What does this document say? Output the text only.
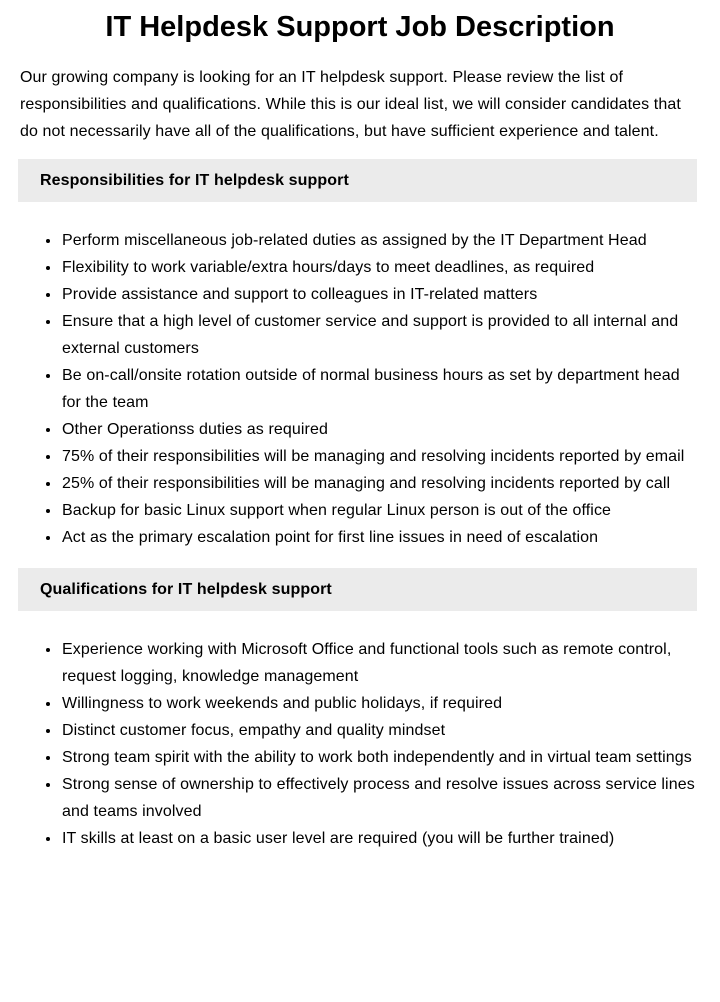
IT Helpdesk Support Job Description

Our growing company is looking for an IT helpdesk support. Please review the list of responsibilities and qualifications. While this is our ideal list, we will consider candidates that do not necessarily have all of the qualifications, but have sufficient experience and talent.

Responsibilities for IT helpdesk support
• Perform miscellaneous job-related duties as assigned by the IT Department Head
• Flexibility to work variable/extra hours/days to meet deadlines, as required
• Provide assistance and support to colleagues in IT-related matters
• Ensure that a high level of customer service and support is provided to all internal and external customers
• Be on-call/onsite rotation outside of normal business hours as set by department head for the team
• Other Operationss duties as required
• 75% of their responsibilities will be managing and resolving incidents reported by email
• 25% of their responsibilities will be managing and resolving incidents reported by call
• Backup for basic Linux support when regular Linux person is out of the office
• Act as the primary escalation point for first line issues in need of escalation
Qualifications for IT helpdesk support
• Experience working with Microsoft Office and functional tools such as remote control, request logging, knowledge management
• Willingness to work weekends and public holidays, if required
• Distinct customer focus, empathy and quality mindset
• Strong team spirit with the ability to work both independently and in virtual team settings
• Strong sense of ownership to effectively process and resolve issues across service lines and teams involved
• IT skills at least on a basic user level are required (you will be further trained)
